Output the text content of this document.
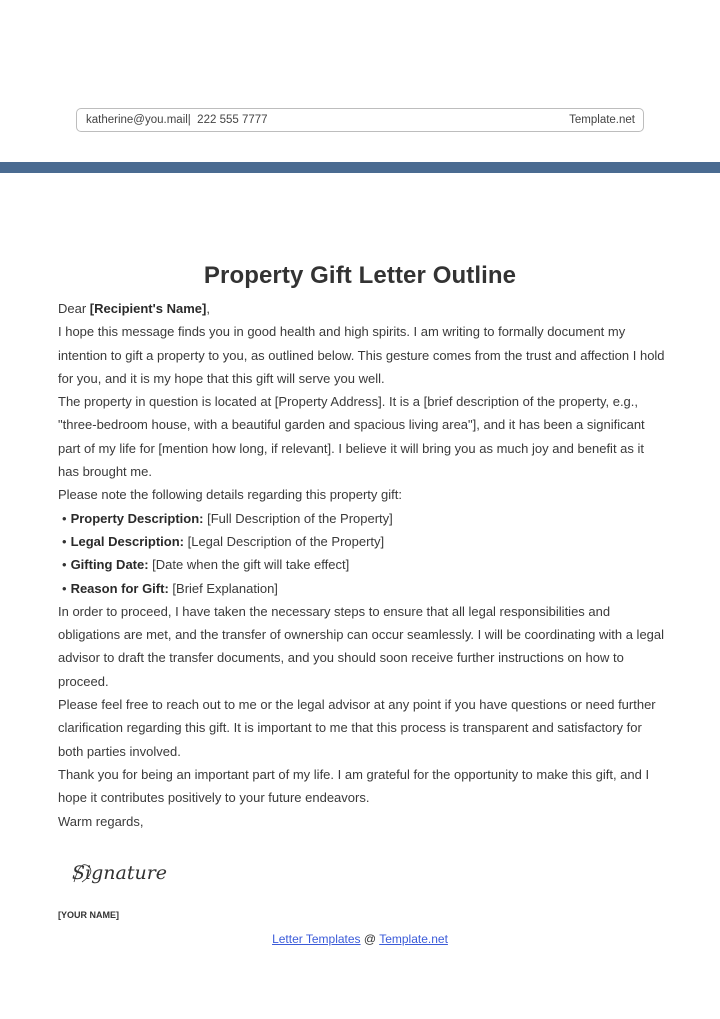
katherine@you.mail|  222 555 7777	Template.net
Property Gift Letter Outline

Dear [Recipient's Name],

I hope this message finds you in good health and high spirits. I am writing to formally document my intention to gift a property to you, as outlined below. This gesture comes from the trust and affection I hold for you, and it is my hope that this gift will serve you well.

The property in question is located at [Property Address]. It is a [brief description of the property, e.g., "three-bedroom house, with a beautiful garden and spacious living area"], and it has been a significant part of my life for [mention how long, if relevant]. I believe it will bring you as much joy and benefit as it has brought me.

Please note the following details regarding this property gift:

• Property Description: [Full Description of the Property]
• Legal Description: [Legal Description of the Property]
• Gifting Date: [Date when the gift will take effect]
• Reason for Gift: [Brief Explanation]

In order to proceed, I have taken the necessary steps to ensure that all legal responsibilities and obligations are met, and the transfer of ownership can occur seamlessly. I will be coordinating with a legal advisor to draft the transfer documents, and you should soon receive further instructions on how to proceed.

Please feel free to reach out to me or the legal advisor at any point if you have questions or need further clarification regarding this gift. It is important to me that this process is transparent and satisfactory for both parties involved.

Thank you for being an important part of my life. I am grateful for the opportunity to make this gift, and I hope it contributes positively to your future endeavors.

Warm regards,

Signature
[YOUR NAME]
Letter Templates @ Template.net
